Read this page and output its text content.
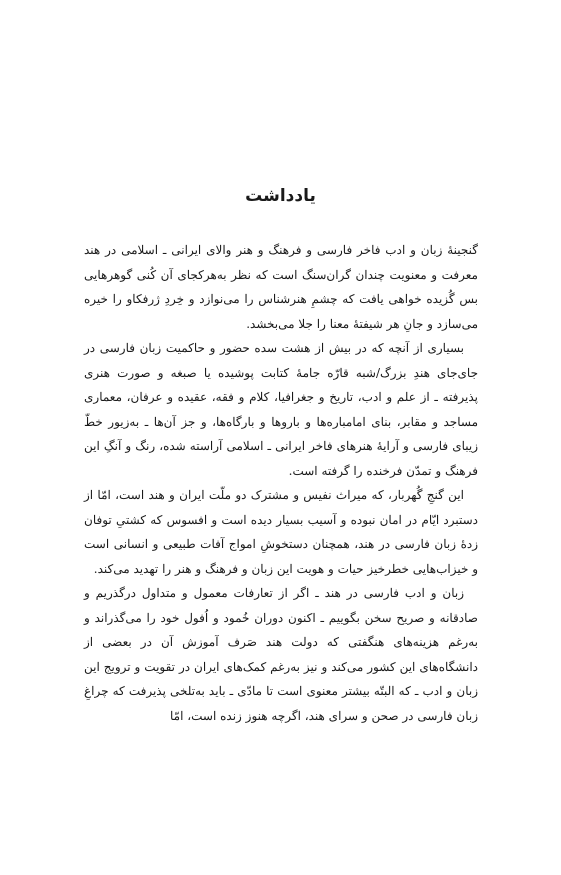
یادداشت

گنجینهٔ زبان و ادب فاخر فارسی و فرهنگ و هنر والای ایرانی ـ اسلامی در هند معرفت و معنویت چندان گران‌سنگ است که نظر به‌هرکجای آن کُنی گوهرهایی بس گُزیده خواهی یافت که چشمِ هنرشناس را می‌نوازد و خِردِ ژرفکاو را خیره می‌سازد و جانِ هر شیفتهٔ معنا را جلا می‌بخشد.

بسیاری از آنچه که در بیش از هشت سده حضور و حاکمیت زبان فارسی در جای‌جای هندِ بزرگ/شبه قارّه جامهٔ کتابت پوشیده یا صبغه و صورت هنری پذیرفته ـ از علم و ادب، تاریخ و جغرافیا، کلام و فقه، عقیده و عرفان، معماری مساجد و مقابر، بنای امامباره‌ها و باروها و بارگاه‌ها، و جز آن‌ها ـ به‌زیور خطّ زیبای فارسی و آرایهٔ هنرهای فاخر ایرانی ـ اسلامی آراسته شده، رنگ و آنگِ این فرهنگ و تمدّن فرخنده را گرفته است.

این گنجِ گُهربار، که میراث نفیس و مشترک دو ملّت ایران و هند است، امّا از دستبرد ایّام در امان نبوده و آسیب بسیار دیده است و افسوس که کشتیِ توفان زدهٔ زبان فارسی در هند، همچنان دستخوشِ امواج آفات طبیعی و انسانی است و خیزاب‌هایی خطرخیز حیات و هویت این زبان و فرهنگ و هنر را تهدید می‌کند.

زبان و ادب فارسی در هند ـ اگر از تعارفات معمول و متداول درگذریم و صادقانه و صریح سخن بگوییم ـ اکنون دوران خُمود و اُفول خود را می‌گذراند و به‌رغم هزینه‌های هنگفتی که دولت هند صَرف آموزش آن در بعضی از دانشگاه‌های این کشور می‌کند و نیز به‌رغم کمک‌های ایران در تقویت و ترویج این زبان و ادب ـ که البتّه بیشتر معنوی است تا مادّی ـ باید به‌تلخی پذیرفت که چراغِ زبان فارسی در صحن و سرای هند، اگرچه هنوز زنده است، امّا
